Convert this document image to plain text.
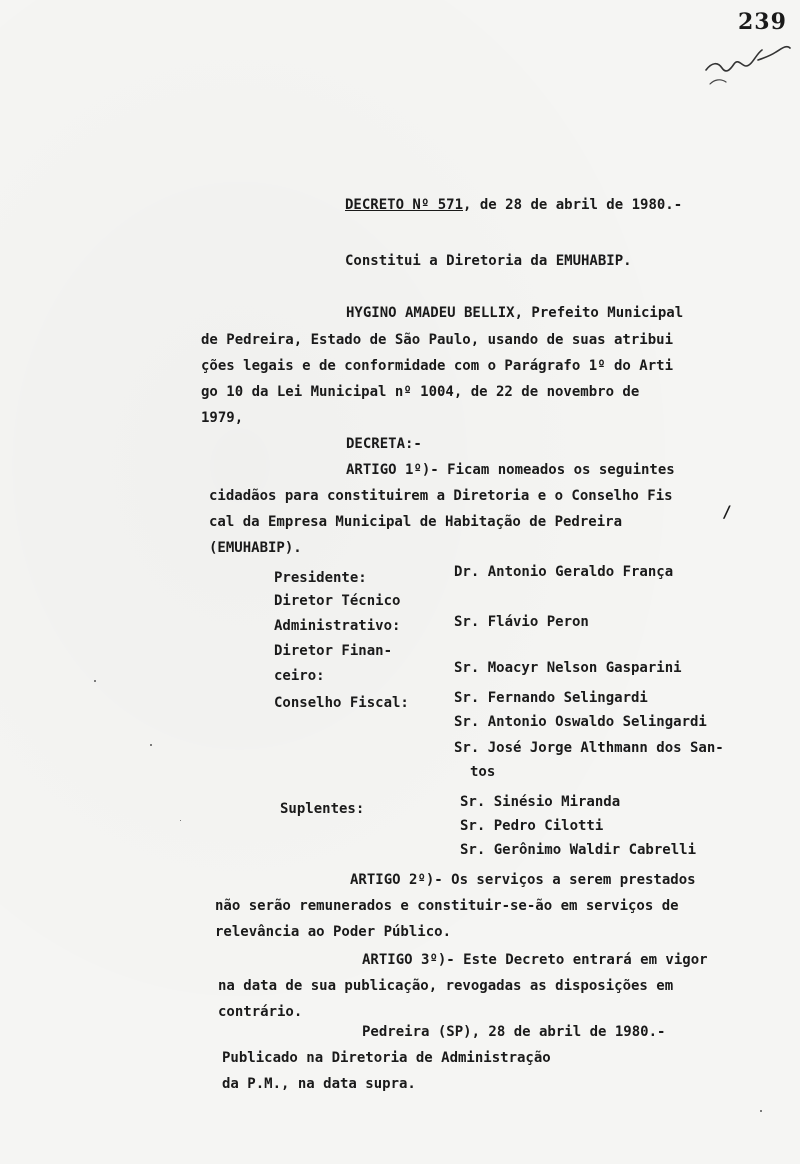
239
DECRETO Nº 571, de 28 de abril de 1980.-
Constitui a Diretoria da EMUHABIP.
HYGINO AMADEU BELLIX, Prefeito Municipal
de Pedreira, Estado de São Paulo, usando de suas atribui
ções legais e de conformidade com o Parágrafo 1º do Arti
go 10 da Lei Municipal nº 1004, de 22 de novembro de
1979,
DECRETA:-
ARTIGO 1º)- Ficam nomeados os seguintes
cidadãos para constituirem a Diretoria e o Conselho Fis
cal da Empresa Municipal de Habitação de Pedreira
(EMUHABIP).
/
Presidente:	Dr. Antonio Geraldo França
Diretor Técnico
Administrativo:	Sr. Flávio Peron
Diretor Finan-
ceiro:	Sr. Moacyr Nelson Gasparini
Conselho Fiscal:	Sr. Fernando Selingardi
Sr. Antonio Oswaldo Selingardi
Sr. José Jorge Althmann dos San-
tos
Suplentes:	Sr. Sinésio Miranda
Sr. Pedro Cilotti
Sr. Gerônimo Waldir Cabrelli
ARTIGO 2º)- Os serviços a serem prestados
não serão remunerados e constituir-se-ão em serviços de
relevância ao Poder Público.
ARTIGO 3º)- Este Decreto entrará em vigor
na data de sua publicação, revogadas as disposições em
contrário.
Pedreira (SP), 28 de abril de 1980.-
Publicado na Diretoria de Administração
da P.M., na data supra.
